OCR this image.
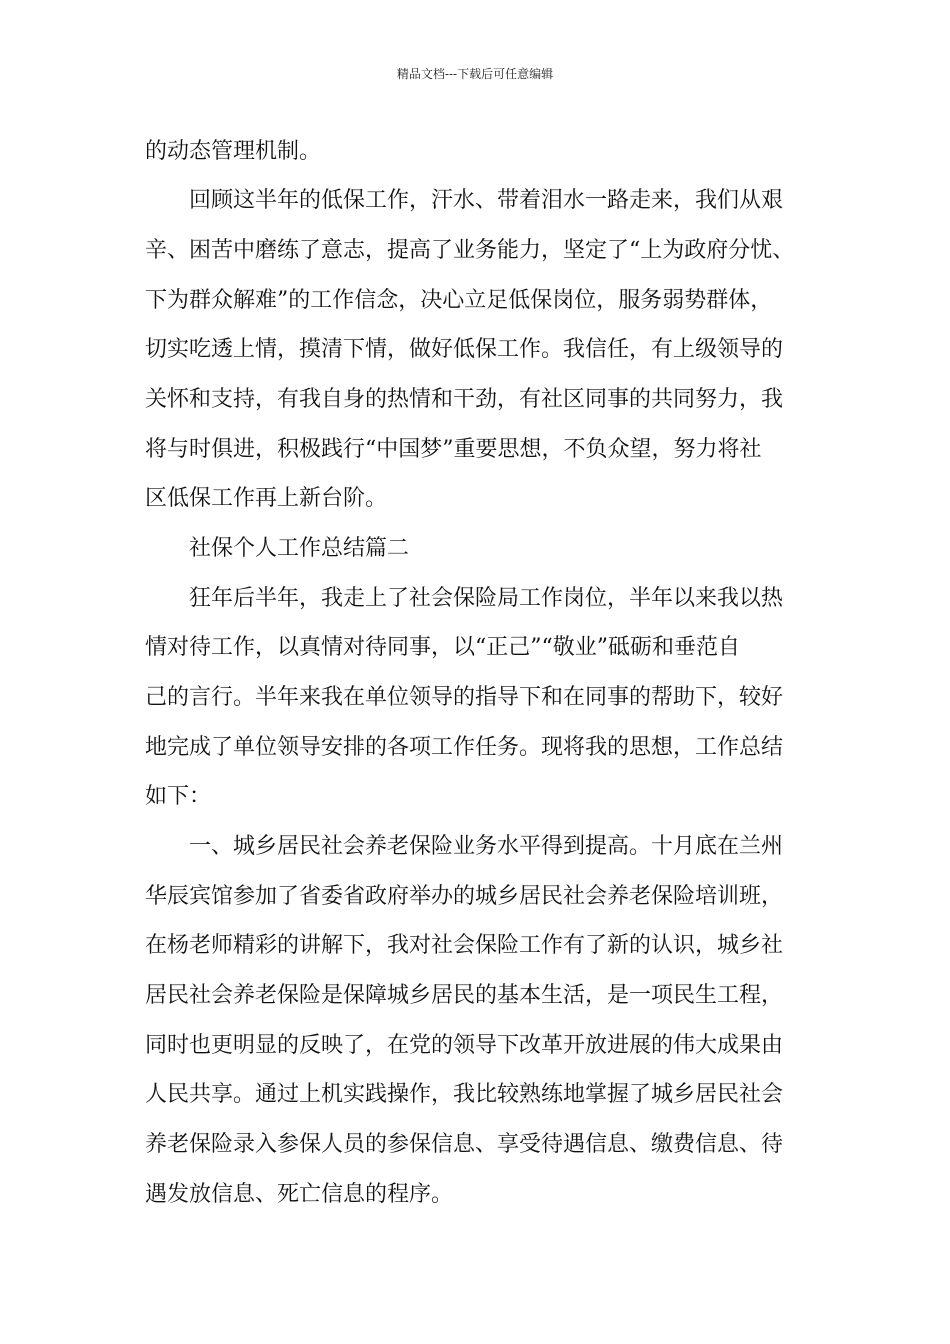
精品文档---下载后可任意编辑
的动态管理机制。
回顾这半年的低保工作，汗水、带着泪水一路走来，我们从艰
辛、困苦中磨练了意志，提高了业务能力，坚定了“上为政府分忧、
下为群众解难”的工作信念，决心立足低保岗位，服务弱势群体，
切实吃透上情，摸清下情，做好低保工作。我信任，有上级领导的
关怀和支持，有我自身的热情和干劲，有社区同事的共同努力，我
将与时俱进，积极践行“中国梦”重要思想，不负众望，努力将社
区低保工作再上新台阶。
社保个人工作总结篇二
狂年后半年，我走上了社会保险局工作岗位，半年以来我以热
情对待工作，以真情对待同事，以“正己”“敬业”砥砺和垂范自
己的言行。半年来我在单位领导的指导下和在同事的帮助下，较好
地完成了单位领导安排的各项工作任务。现将我的思想，工作总结
如下：
一、城乡居民社会养老保险业务水平得到提高。十月底在兰州
华辰宾馆参加了省委省政府举办的城乡居民社会养老保险培训班，
在杨老师精彩的讲解下，我对社会保险工作有了新的认识，城乡社
居民社会养老保险是保障城乡居民的基本生活，是一项民生工程，
同时也更明显的反映了，在党的领导下改革开放进展的伟大成果由
人民共享。通过上机实践操作，我比较熟练地掌握了城乡居民社会
养老保险录入参保人员的参保信息、享受待遇信息、缴费信息、待
遇发放信息、死亡信息的程序。
